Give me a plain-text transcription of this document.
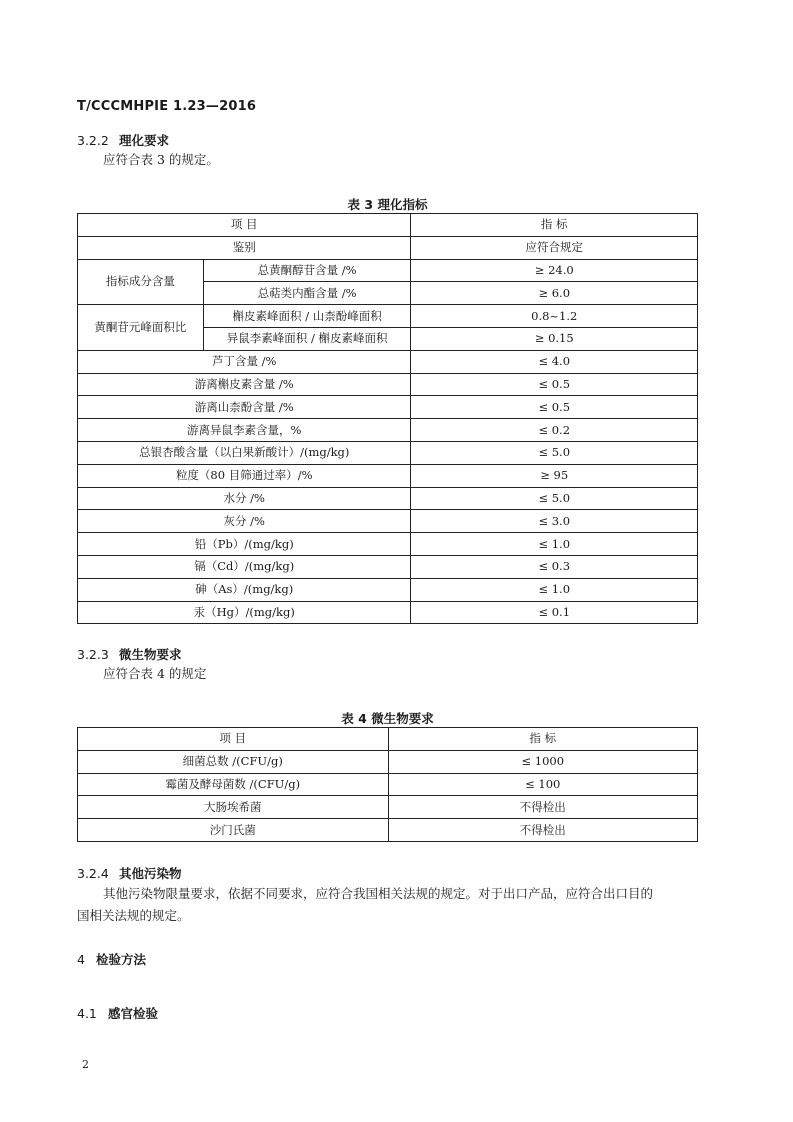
T/CCCMHPIE 1.23—2016
3.2.2 理化要求
应符合表 3 的规定。
表 3 理化指标
项 目		指 标
鉴别		应符合规定
指标成分含量	总黄酮醇苷含量 /%	≥ 24.0
	总萜类内酯含量 /%	≥ 6.0
黄酮苷元峰面积比	槲皮素峰面积 / 山柰酚峰面积	0.8~1.2
	异鼠李素峰面积 / 槲皮素峰面积	≥ 0.15
芦丁含量 /%		≤ 4.0
游离槲皮素含量 /%		≤ 0.5
游离山柰酚含量 /%		≤ 0.5
游离异鼠李素含量，%		≤ 0.2
总银杏酸含量（以白果新酸计）/(mg/kg)		≤ 5.0
粒度（80 目筛通过率）/%		≥ 95
水分 /%		≤ 5.0
灰分 /%		≤ 3.0
铅（Pb）/(mg/kg)		≤ 1.0
镉（Cd）/(mg/kg)		≤ 0.3
砷（As）/(mg/kg)		≤ 1.0
汞（Hg）/(mg/kg)		≤ 0.1
3.2.3 微生物要求
应符合表 4 的规定
表 4 微生物要求
项 目	指 标
细菌总数 /(CFU/g)	≤ 1000
霉菌及酵母菌数 /(CFU/g)	≤ 100
大肠埃希菌	不得检出
沙门氏菌	不得检出
3.2.4 其他污染物
其他污染物限量要求，依据不同要求，应符合我国相关法规的规定。对于出口产品，应符合出口目的
国相关法规的规定。
4 检验方法
4.1 感官检验
2
